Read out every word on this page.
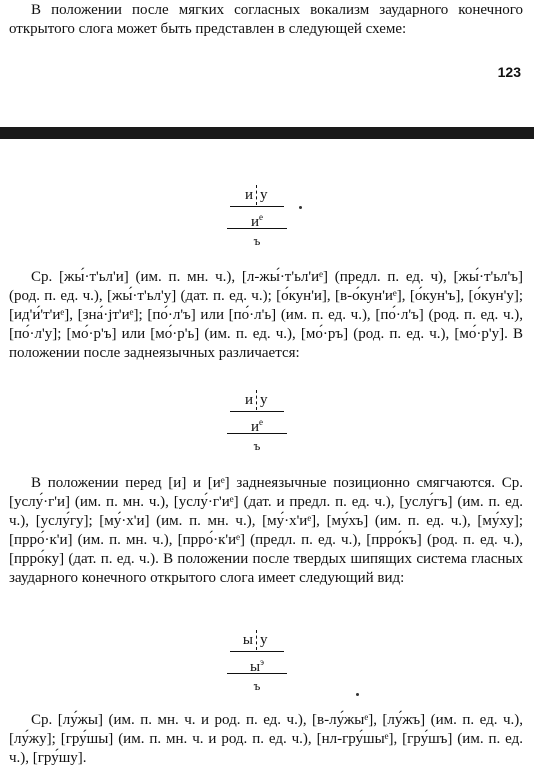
В положении после мягких согласных вокализм заударного конечного открытого слога может быть представлен в следующей схеме:

123
и у
$и^е$
ъ

Ср. [жы́·т'ьл'и] (им. п. мн. ч.), [л-жы́·т'ьл'иᵉ] (предл. п. ед. ч), [жы́·т'ьл'ъ] (род. п. ед. ч.), [жы́·т'ьл'у] (дат. п. ед. ч.); [о́кун'и], [в-о́кун'иᵉ], [о́кун'ъ], [о́кун'у]; [ид'и́'т'иᵉ], [зна́·jт'иᵉ]; [по́·л'ъ] или [по́·л'ь] (им. п. ед. ч.), [по́·л'ъ] (род. п. ед. ч.), [по́·л'у]; [мо́·р'ъ] или [мо́·р'ь] (им. п. ед. ч.), [мо́·ръ] (род. п. ед. ч.), [мо́·р'у]. В положении после заднеязычных различается:

и у
$и^е$
ъ

В положении перед [и] и [иᵉ] заднеязычные позиционно смягчаются. Ср. [услу́·г'и] (им. п. мн. ч.), [услу́·г'иᵉ] (дат. и предл. п. ед. ч.), [услу́гъ] (им. п. ед. ч.), [услу́гу]; [му́·х'и] (им. п. мн. ч.), [му́·х'иᵉ], [му́хъ] (им. п. ед. ч.), [му́ху]; [пpро́·к'и] (им. п. мн. ч.), [пpро́·к'иᵉ] (предл. п. ед. ч.), [пpро́къ] (род. п. ед. ч.), [пpро́ку] (дат. п. ед. ч.). В положении после твердых шипящих система гласных заударного конечного открытого слога имеет следующий вид:

ы у
$ы^э$
ъ

Ср. [лу́жы] (им. п. мн. ч. и род. п. ед. ч.), [в-лу́жыᵉ], [лу́жъ] (им. п. ед. ч.), [лу́жу]; [гру́шы] (им. п. мн. ч. и род. п. ед. ч.), [нл-гру́шыᵉ], [гру́шъ] (им. п. ед. ч.), [гру́шу].
